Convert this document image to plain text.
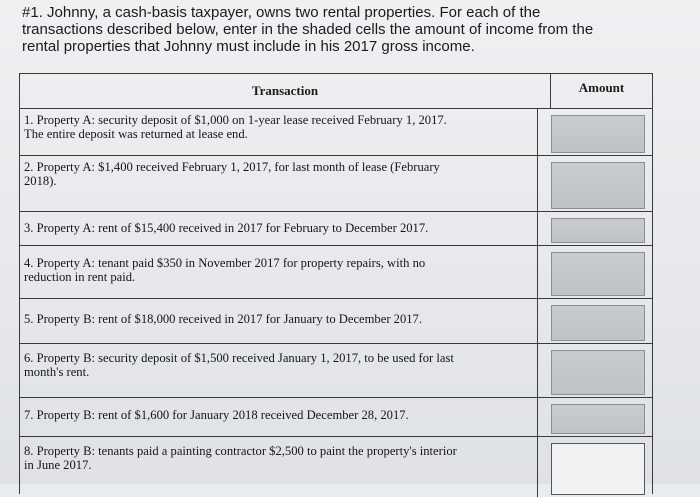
#1. Johnny, a cash-basis taxpayer, owns two rental properties. For each of the
transactions described below, enter in the shaded cells the amount of income from the
rental properties that Johnny must include in his 2017 gross income.
Transaction	Amount
1. Property A: security deposit of $1,000 on 1-year lease received February 1, 2017.
The entire deposit was returned at lease end.
2. Property A: $1,400 received February 1, 2017, for last month of lease (February
2018).
3. Property A: rent of $15,400 received in 2017 for February to December 2017.
4. Property A: tenant paid $350 in November 2017 for property repairs, with no
reduction in rent paid.
5. Property B: rent of $18,000 received in 2017 for January to December 2017.
6. Property B: security deposit of $1,500 received January 1, 2017, to be used for last
month's rent.
7. Property B: rent of $1,600 for January 2018 received December 28, 2017.
8. Property B: tenants paid a painting contractor $2,500 to paint the property's interior
in June 2017.
